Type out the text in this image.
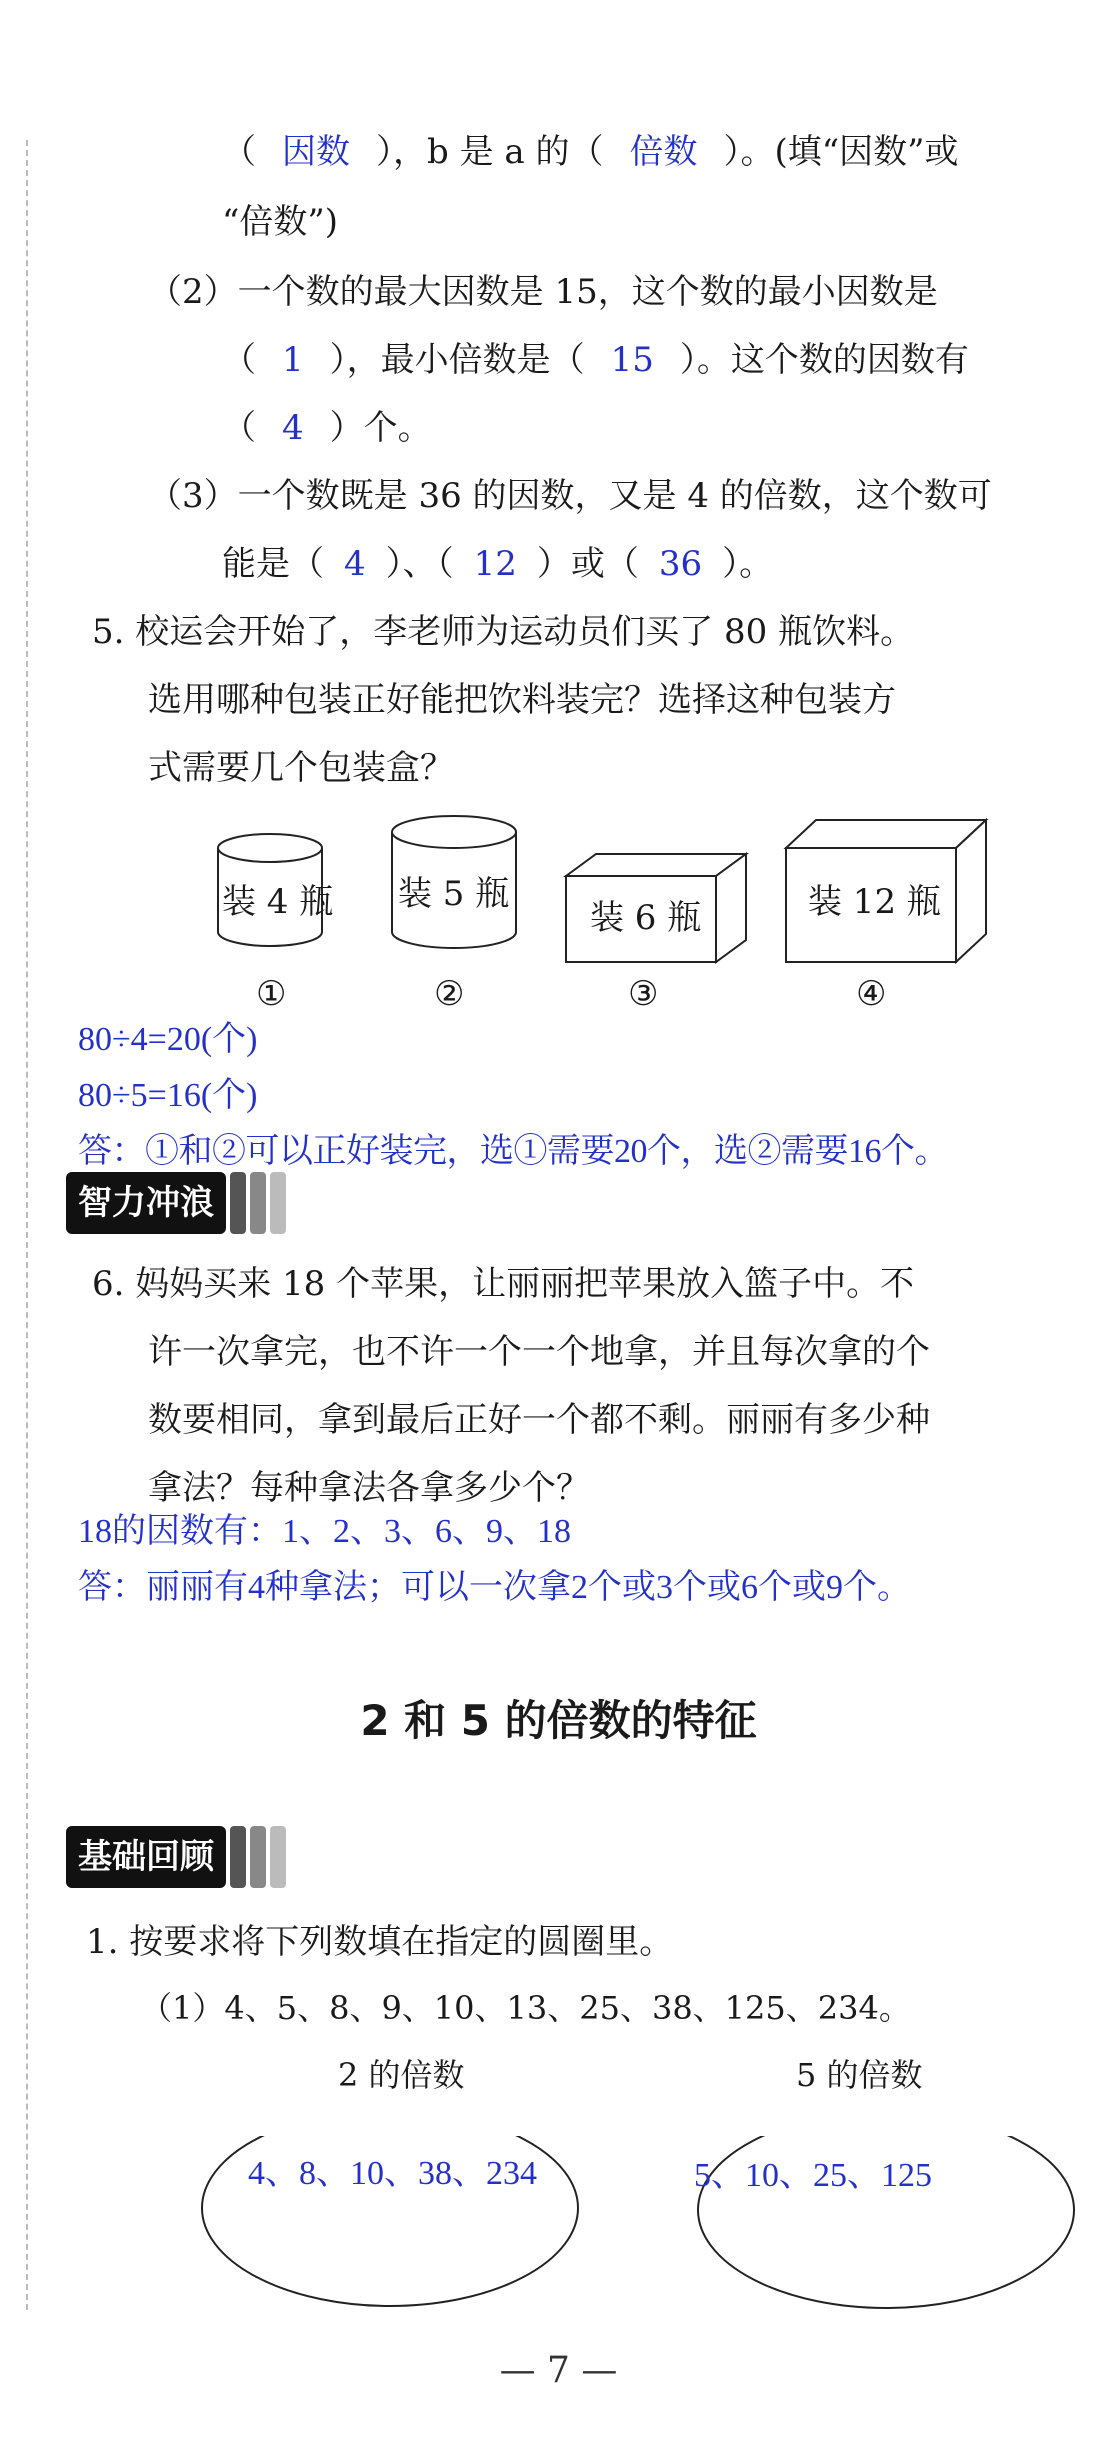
（ 因数 ），b 是 a 的（ 倍数 ）。(填“因数”或
“倍数”)
（2）一个数的最大因数是 15，这个数的最小因数是
（ 1 ），最小倍数是（ 15 ）。这个数的因数有
（ 4 ）个。
（3）一个数既是 36 的因数，又是 4 的倍数，这个数可
能是（ 4 ）、（ 12 ）或（ 36 ）。
5. 校运会开始了，李老师为运动员们买了 80 瓶饮料。
选用哪种包装正好能把饮料装完？选择这种包装方
式需要几个包装盒？
装 4 瓶 装 5 瓶
装 6 瓶	装 12 瓶
①	②	③	④
80÷4=20(个)
80÷5=16(个)
答：①和②可以正好装完，选①需要20个，选②需要16个。
智力冲浪
6. 妈妈买来 18 个苹果，让丽丽把苹果放入篮子中。不
许一次拿完，也不许一个一个地拿，并且每次拿的个
数要相同，拿到最后正好一个都不剩。丽丽有多少种
拿法？每种拿法各拿多少个？
18的因数有：1、2、3、6、9、18
答：丽丽有4种拿法；可以一次拿2个或3个或6个或9个。
2 和 5 的倍数的特征
基础回顾
1. 按要求将下列数填在指定的圆圈里。
（1）4、5、8、9、10、13、25、38、125、234。
2 的倍数	5 的倍数
4、8、10、38、234	5、10、25、125
— 7 —
